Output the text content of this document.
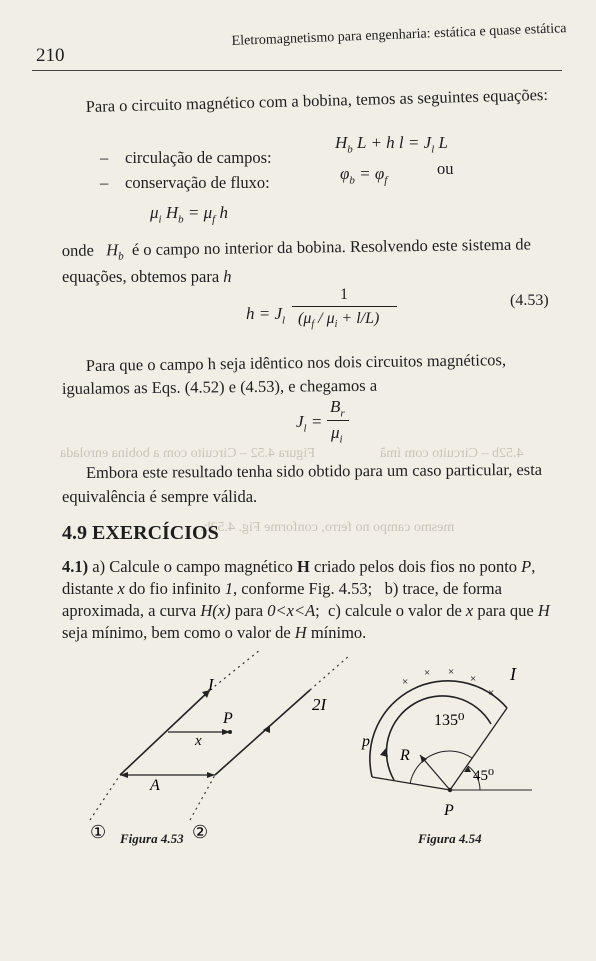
Figura 4.52 – Circuito com a bobina enrolada	4.52b – Circuito com ímã
mesmo campo no ferro, conforme Fig. 4.53b.
210
Eletromagnetismo para engenharia: estática e quase estática
Para o circuito magnético com a bobina, temos as seguintes equações:
– circulação de campos:
$H_b$ L + h $l = J_l$ L
– conservação de fluxo:	$\varphi_b = \varphi_f$
ou
$\mu_i$ $H_b = \mu_f$ h
onde $H_b$ é o campo no interior da bobina. Resolvendo este sistema de
equações, obtemos para h
$h = J_l$
1
$(\mu_f / \mu_i + l/L)$
(4.53)
Para que o campo h seja idêntico nos dois circuitos magnéticos,
igualamos as Eqs. (4.52) e (4.53), e chegamos a
$J_l$ =
$B_r$
$\mu_i$
Embora este resultado tenha sido obtido para um caso particular, esta
equivalência é sempre válida.
4.9 EXERCÍCIOS
4.1) a) Calcule o campo magnético H criado pelos dois fios no ponto P,
distante x do fio infinito 1, conforme Fig. 4.53;   b) trace, de forma
aproximada, a curva H(x) para 0<x<A;  c) calcule o valor de x para que H
seja mínimo, bem como o valor de H mínimo.
I
2I
P
x
A
①	②
Figura 4.53
×
× ×
×
×
I
p
R
135⁰
45⁰
P
Figura 4.54
